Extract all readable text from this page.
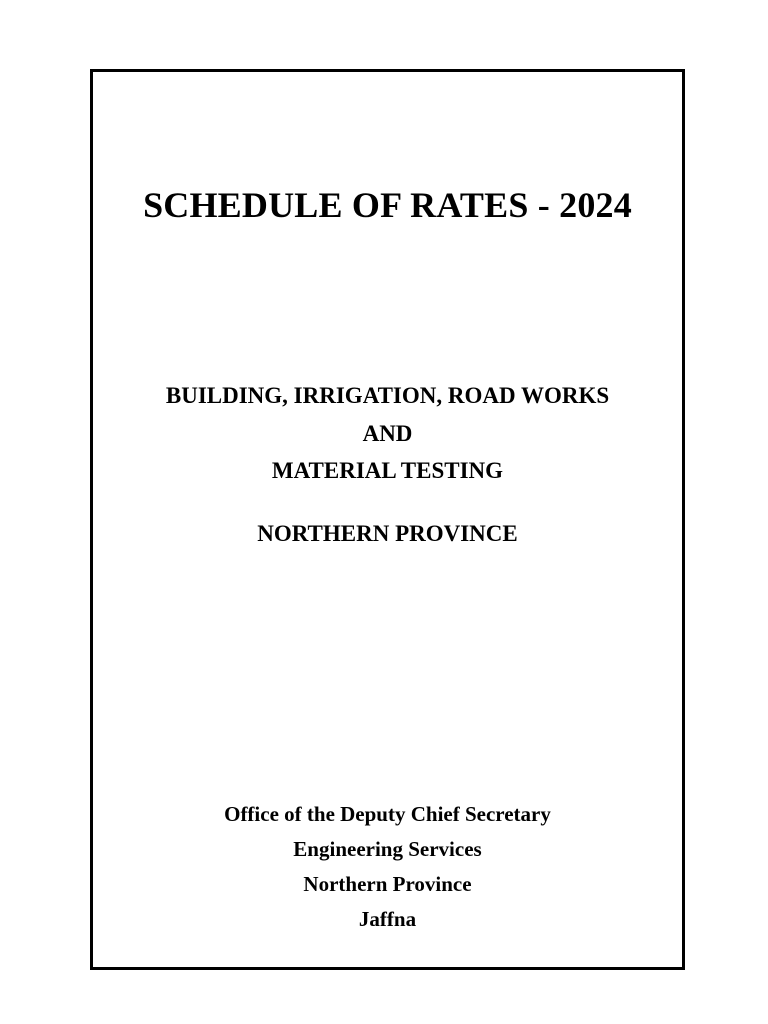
SCHEDULE OF RATES - 2024

BUILDING, IRRIGATION, ROAD WORKS

AND

MATERIAL TESTING

NORTHERN PROVINCE

Office of the Deputy Chief Secretary

Engineering Services

Northern Province

Jaffna
